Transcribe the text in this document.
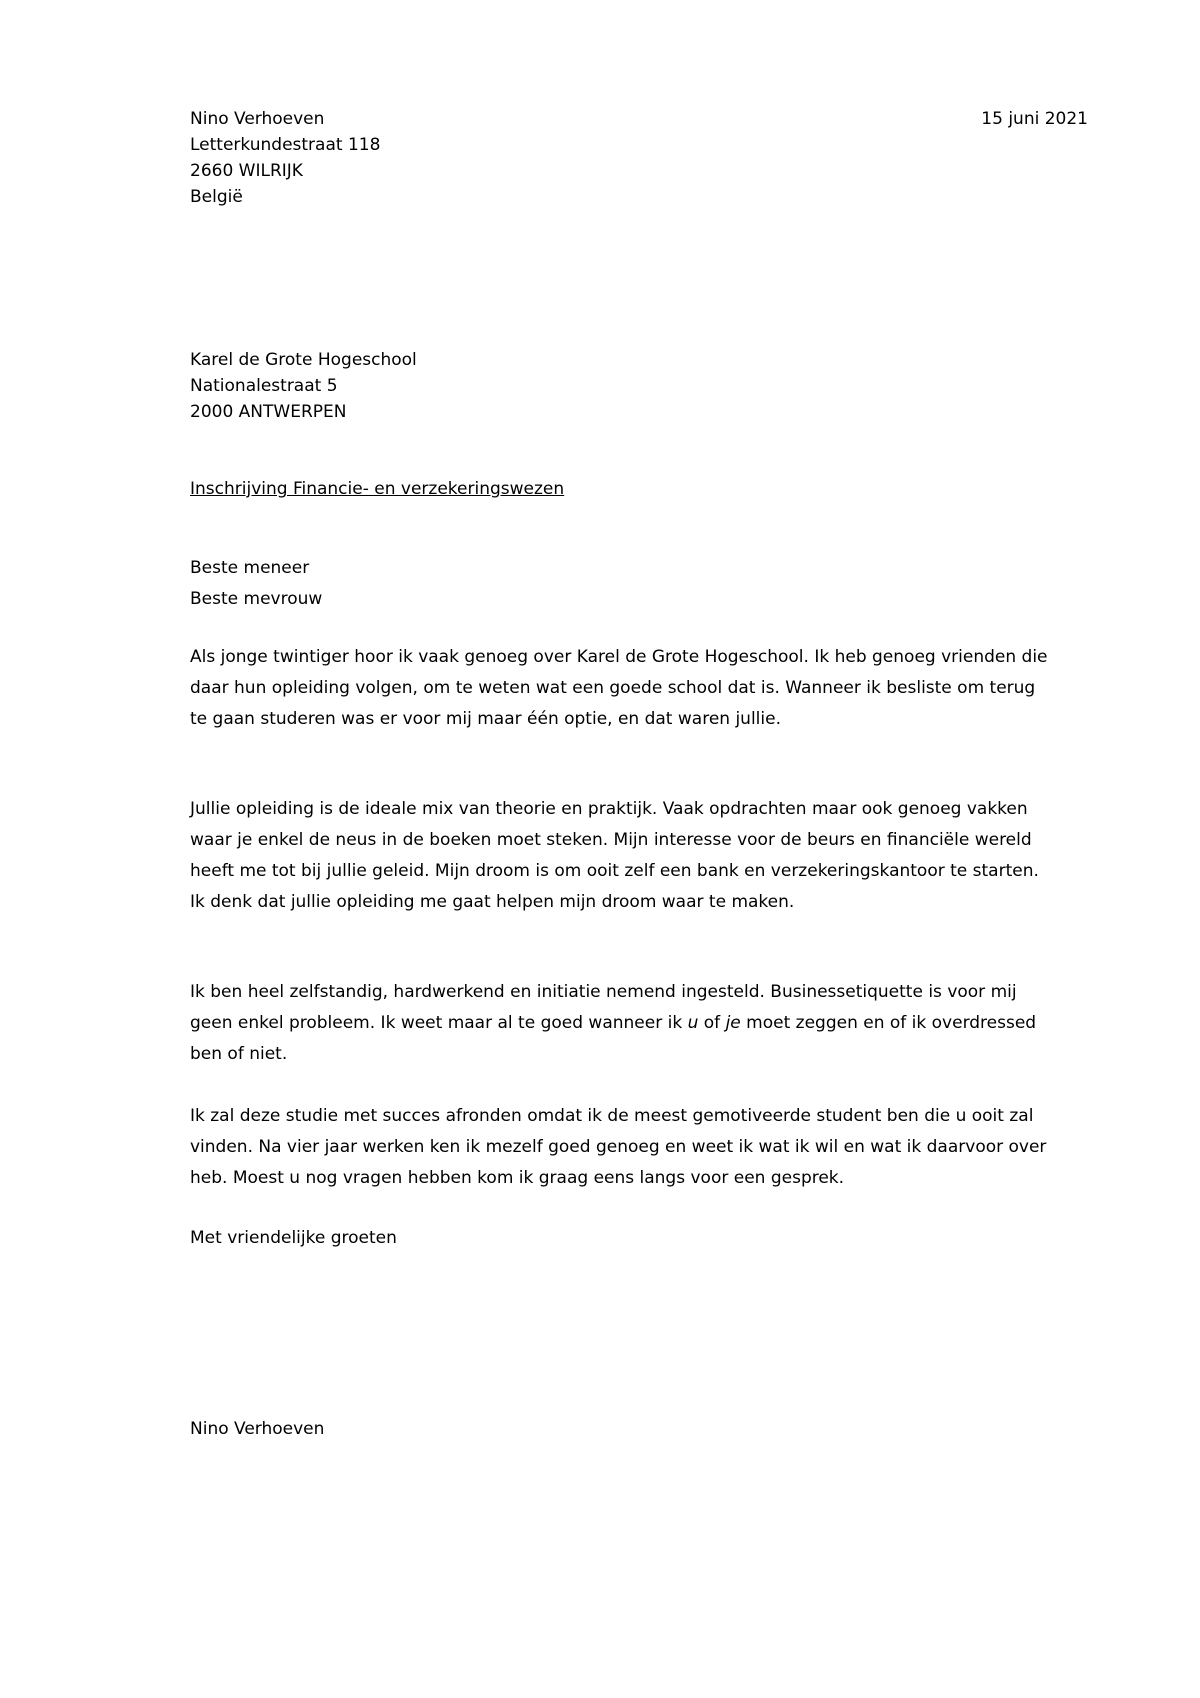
Nino Verhoeven
Letterkundestraat 118
2660 WILRIJK
België
15 juni 2021
Karel de Grote Hogeschool
Nationalestraat 5
2000 ANTWERPEN
Inschrijving Financie- en verzekeringswezen
Beste meneer
Beste mevrouw
Als jonge twintiger hoor ik vaak genoeg over Karel de Grote Hogeschool. Ik heb genoeg vrienden die
daar hun opleiding volgen, om te weten wat een goede school dat is. Wanneer ik besliste om terug
te gaan studeren was er voor mij maar één optie, en dat waren jullie.
Jullie opleiding is de ideale mix van theorie en praktijk. Vaak opdrachten maar ook genoeg vakken
waar je enkel de neus in de boeken moet steken. Mijn interesse voor de beurs en financiële wereld
heeft me tot bij jullie geleid. Mijn droom is om ooit zelf een bank en verzekeringskantoor te starten.
Ik denk dat jullie opleiding me gaat helpen mijn droom waar te maken.
Ik ben heel zelfstandig, hardwerkend en initiatie nemend ingesteld. Businessetiquette is voor mij
geen enkel probleem. Ik weet maar al te goed wanneer ik u of je moet zeggen en of ik overdressed
ben of niet.
Ik zal deze studie met succes afronden omdat ik de meest gemotiveerde student ben die u ooit zal
vinden. Na vier jaar werken ken ik mezelf goed genoeg en weet ik wat ik wil en wat ik daarvoor over
heb. Moest u nog vragen hebben kom ik graag eens langs voor een gesprek.
Met vriendelijke groeten
Nino Verhoeven
